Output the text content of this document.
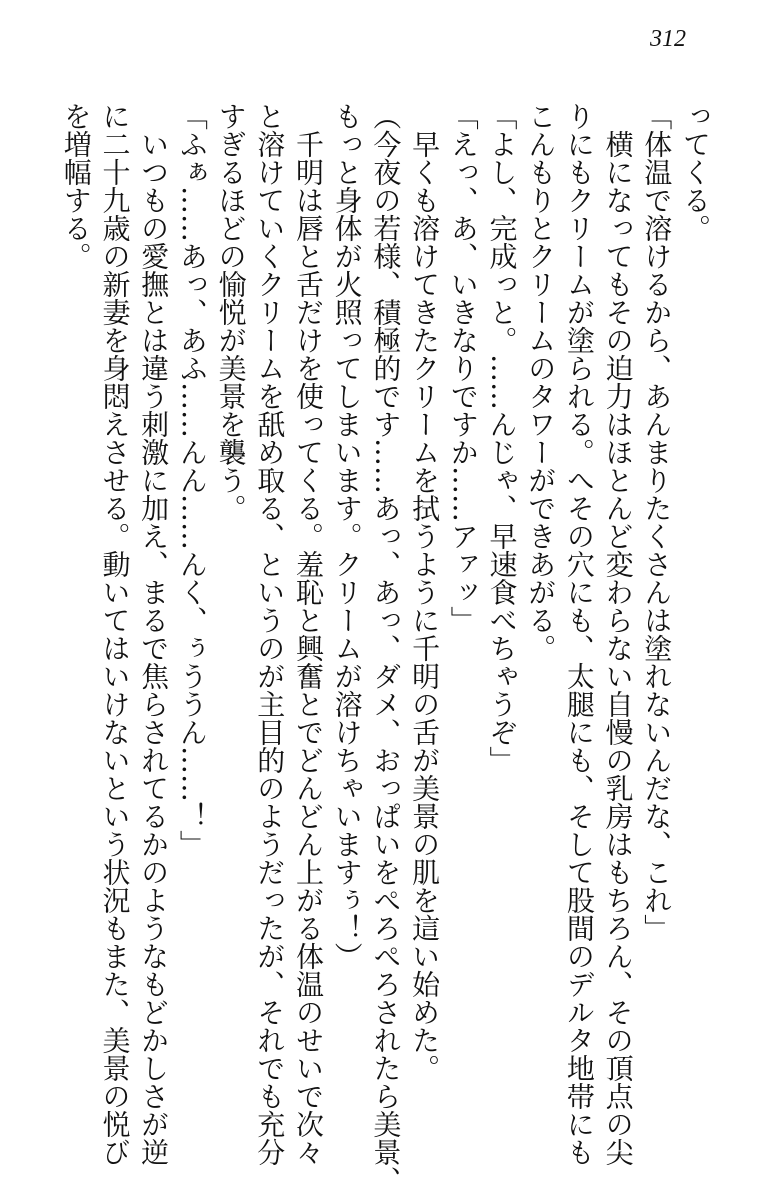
312
ってくる。
「体温で溶けるから、あんまりたくさんは塗れないんだな、これ」
　横になってもその迫力はほとんど変わらない自慢の乳房はもちろん、その頂点の尖
りにもクリームが塗られる。へその穴にも、太腿にも、そして股間のデルタ地帯にも
こんもりとクリームのタワーができあがる。
「よし、完成っと。……んじゃ、早速食べちゃうぞ」
「えっ、あ、いきなりですか……アァッ」
　早くも溶けてきたクリームを拭うように千明の舌が美景の肌を這い始めた。
（今夜の若様、積極的です……あっ、あっ、ダメ、おっぱいをぺろぺろされたら美景、
もっと身体が火照ってしまいます。クリームが溶けちゃいますぅ！）
　千明は唇と舌だけを使ってくる。羞恥と興奮とでどんどん上がる体温のせいで次々
と溶けていくクリームを舐め取る、というのが主目的のようだったが、それでも充分
すぎるほどの愉悦が美景を襲う。
「ふぁ……あっ、あふ……んん……んく、ぅううん……！」
　いつもの愛撫とは違う刺激に加え、まるで焦らされてるかのようなもどかしさが逆
に二十九歳の新妻を身悶えさせる。動いてはいけないという状況もまた、美景の悦び
を増幅する。
